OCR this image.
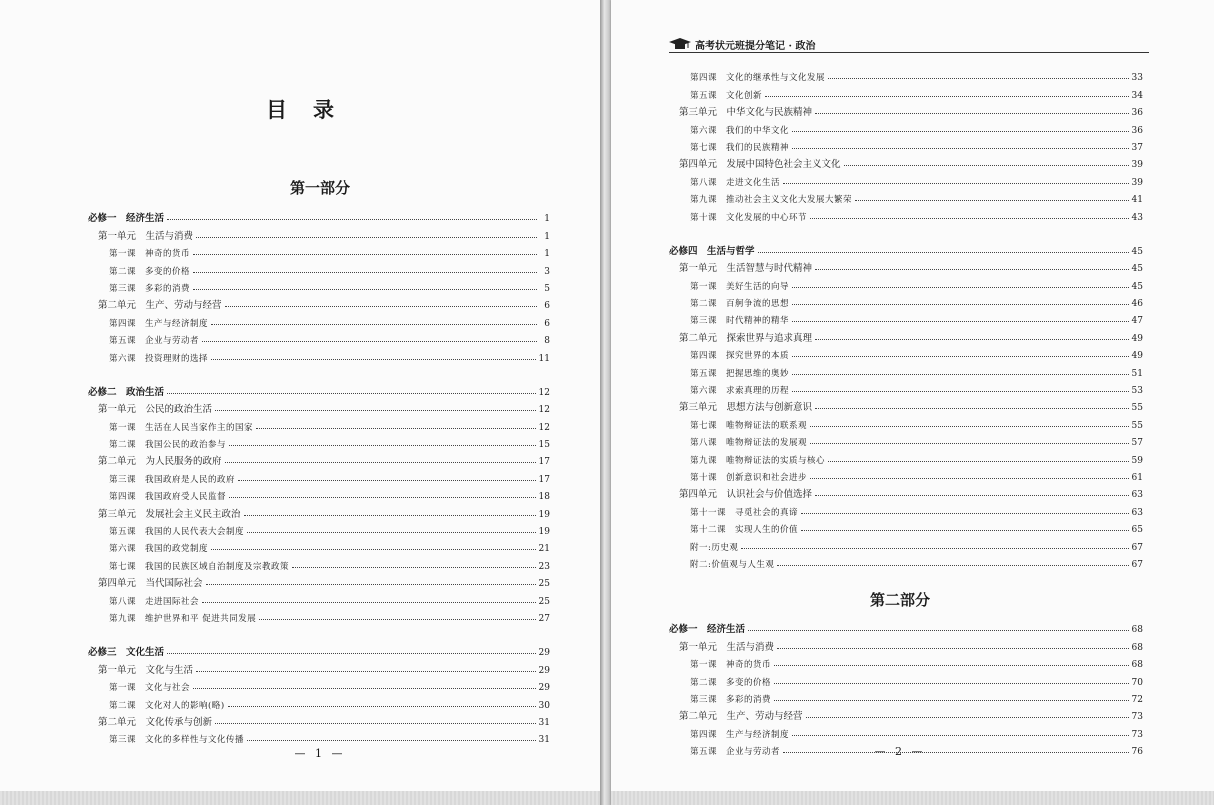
目录
第一部分
必修一　经济生活	1
第一单元　生活与消费	1
第一课　神奇的货币	1
第二课　多变的价格	3
第三课　多彩的消费	5
第二单元　生产、劳动与经营	6
第四课　生产与经济制度	6
第五课　企业与劳动者	8
第六课　投资理财的选择	11
必修二　政治生活	12
第一单元　公民的政治生活	12
第一课　生活在人民当家作主的国家	12
第二课　我国公民的政治参与	15
第二单元　为人民服务的政府	17
第三课　我国政府是人民的政府	17
第四课　我国政府受人民监督	18
第三单元　发展社会主义民主政治	19
第五课　我国的人民代表大会制度	19
第六课　我国的政党制度	21
第七课　我国的民族区域自治制度及宗教政策	23
第四单元　当代国际社会	25
第八课　走进国际社会	25
第九课　维护世界和平 促进共同发展	27
必修三　文化生活	29
第一单元　文化与生活	29
第一课　文化与社会	29
第二课　文化对人的影响(略)	30
第二单元　文化传承与创新	31
第三课　文化的多样性与文化传播	31
— 1 —
高考状元班提分笔记 · 政治
第四课　文化的继承性与文化发展	33
第五课　文化创新	34
第三单元　中华文化与民族精神	36
第六课　我们的中华文化	36
第七课　我们的民族精神	37
第四单元　发展中国特色社会主义文化	39
第八课　走进文化生活	39
第九课　推动社会主义文化大发展大繁荣	41
第十课　文化发展的中心环节	43
必修四　生活与哲学	45
第一单元　生活智慧与时代精神	45
第一课　美好生活的向导	45
第二课　百舸争流的思想	46
第三课　时代精神的精华	47
第二单元　探索世界与追求真理	49
第四课　探究世界的本质	49
第五课　把握思维的奥妙	51
第六课　求索真理的历程	53
第三单元　思想方法与创新意识	55
第七课　唯物辩证法的联系观	55
第八课　唯物辩证法的发展观	57
第九课　唯物辩证法的实质与核心	59
第十课　创新意识和社会进步	61
第四单元　认识社会与价值选择	63
第十一课　寻觅社会的真谛	63
第十二课　实现人生的价值	65
附一:历史观	67
附二:价值观与人生观	67
第二部分
必修一　经济生活	68
第一单元　生活与消费	68
第一课　神奇的货币	68
第二课　多变的价格	70
第三课　多彩的消费	72
第二单元　生产、劳动与经营	73
第四课　生产与经济制度	73
第五课　企业与劳动者	76
— 2 —
